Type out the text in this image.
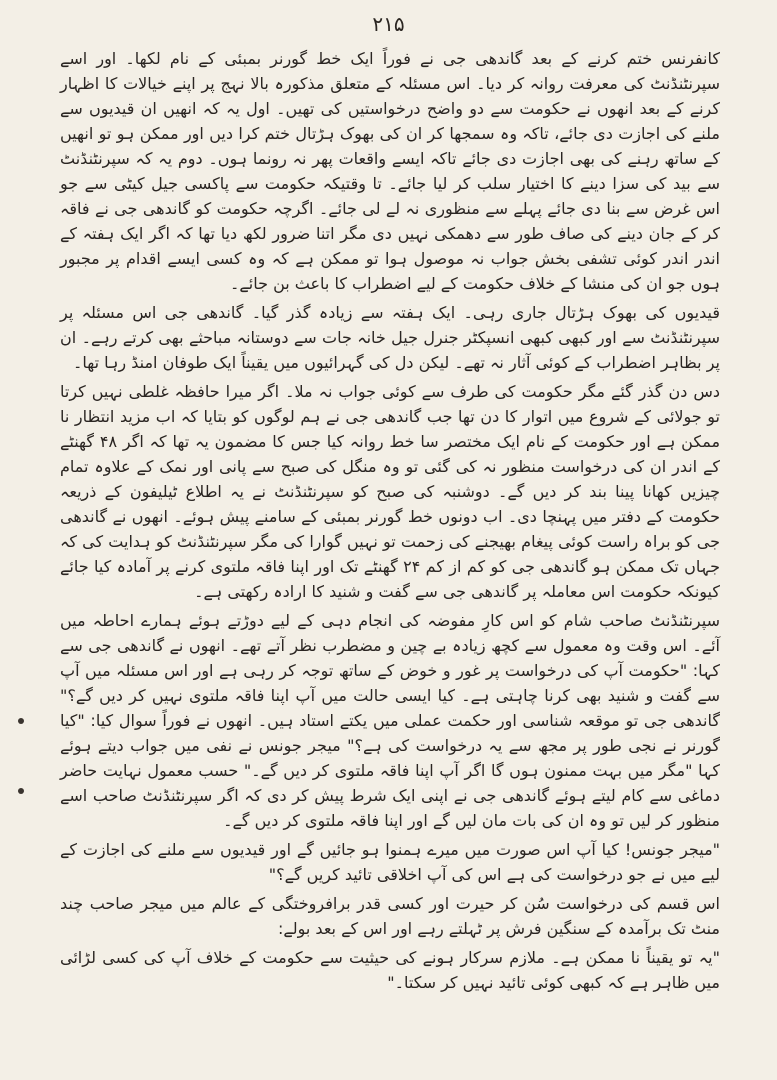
۲۱۵

کانفرنس ختم کرنے کے بعد گاندھی جی نے فوراً ایک خط گورنر بمبئی کے نام لکھا۔ اور اسے سپرنٹنڈنٹ کی معرفت روانہ کر دیا۔ اس مسئلہ کے متعلق مذکورہ بالا نہج پر اپنے خیالات کا اظہار کرنے کے بعد انھوں نے حکومت سے دو واضح درخواستیں کی تھیں۔ اول یہ کہ انھیں ان قیدیوں سے ملنے کی اجازت دی جائے، تاکہ وہ سمجھا کر ان کی بھوک ہڑتال ختم کرا دیں اور ممکن ہو تو انھیں کے ساتھ رہنے کی بھی اجازت دی جائے تاکہ ایسے واقعات پھر نہ رونما ہوں۔ دوم یہ کہ سپرنٹنڈنٹ سے بید کی سزا دینے کا اختیار سلب کر لیا جائے۔ تا وقتیکہ حکومت سے پاکسی جیل کیٹی سے جو اس غرض سے بنا دی جائے پہلے سے منظوری نہ لے لی جائے۔ اگرچہ حکومت کو گاندھی جی نے فاقہ کر کے جان دینے کی صاف طور سے دھمکی نہیں دی مگر اتنا ضرور لکھ دیا تھا کہ اگر ایک ہفتہ کے اندر اندر کوئی تشفی بخش جواب نہ موصول ہوا تو ممکن ہے کہ وہ کسی ایسے اقدام پر مجبور ہوں جو ان کی منشا کے خلاف حکومت کے لیے اضطراب کا باعث بن جائے۔

قیدیوں کی بھوک ہڑتال جاری رہی۔ ایک ہفتہ سے زیادہ گذر گیا۔ گاندھی جی اس مسئلہ پر سپرنٹنڈنٹ سے اور کبھی کبھی انسپکٹر جنرل جیل خانہ جات سے دوستانہ مباحثے بھی کرتے رہے۔ ان پر بظاہر اضطراب کے کوئی آثار نہ تھے۔ لیکن دل کی گہرائیوں میں یقیناً ایک طوفان امنڈ رہا تھا۔

دس دن گذر گئے مگر حکومت کی طرف سے کوئی جواب نہ ملا۔ اگر میرا حافظہ غلطی نہیں کرتا تو جولائی کے شروع میں اتوار کا دن تھا جب گاندھی جی نے ہم لوگوں کو بتایا کہ اب مزید انتظار نا ممکن ہے اور حکومت کے نام ایک مختصر سا خط روانہ کیا جس کا مضمون یہ تھا کہ اگر ۴۸ گھنٹے کے اندر ان کی درخواست منظور نہ کی گئی تو وہ منگل کی صبح سے پانی اور نمک کے علاوہ تمام چیزیں کھانا پینا بند کر دیں گے۔ دوشنبہ کی صبح کو سپرنٹنڈنٹ نے یہ اطلاع ٹیلیفون کے ذریعہ حکومت کے دفتر میں پہنچا دی۔ اب دونوں خط گورنر بمبئی کے سامنے پیش ہوئے۔ انھوں نے گاندھی جی کو براہ راست کوئی پیغام بھیجنے کی زحمت تو نہیں گوارا کی مگر سپرنٹنڈنٹ کو ہدایت کی کہ جہاں تک ممکن ہو گاندھی جی کو کم از کم ۲۴ گھنٹے تک اور اپنا فاقہ ملتوی کرنے پر آمادہ کیا جائے کیونکہ حکومت اس معاملہ پر گاندھی جی سے گفت و شنید کا ارادہ رکھتی ہے۔

سپرنٹنڈنٹ صاحب شام کو اس کارِ مفوضہ کی انجام دہی کے لیے دوڑتے ہوئے ہمارے احاطہ میں آئے۔ اس وقت وہ معمول سے کچھ زیادہ بے چین و مضطرب نظر آتے تھے۔ انھوں نے گاندھی جی سے کہا: "حکومت آپ کی درخواست پر غور و خوض کے ساتھ توجہ کر رہی ہے اور اس مسئلہ میں آپ سے گفت و شنید بھی کرنا چاہتی ہے۔ کیا ایسی حالت میں آپ اپنا فاقہ ملتوی نہیں کر دیں گے؟" گاندھی جی تو موقعہ شناسی اور حکمت عملی میں یکتے استاد ہیں۔ انھوں نے فوراً سوال کیا: "کیا گورنر نے نجی طور پر مجھ سے یہ درخواست کی ہے؟" میجر جونس نے نفی میں جواب دیتے ہوئے کہا "مگر میں بہت ممنون ہوں گا اگر آپ اپنا فاقہ ملتوی کر دیں گے۔" حسب معمول نہایت حاضر دماغی سے کام لیتے ہوئے گاندھی جی نے اپنی ایک شرط پیش کر دی کہ اگر سپرنٹنڈنٹ صاحب اسے منظور کر لیں تو وہ ان کی بات مان لیں گے اور اپنا فاقہ ملتوی کر دیں گے۔

"میجر جونس! کیا آپ اس صورت میں میرے ہمنوا ہو جائیں گے اور قیدیوں سے ملنے کی اجازت کے لیے میں نے جو درخواست کی ہے اس کی آپ اخلاقی تائید کریں گے؟"

اس قسم کی درخواست سُن کر حیرت اور کسی قدر برافروختگی کے عالم میں میجر صاحب چند منٹ تک برآمدہ کے سنگین فرش پر ٹہلتے رہے اور اس کے بعد بولے:

"یہ تو یقیناً نا ممکن ہے۔ ملازم سرکار ہونے کی حیثیت سے حکومت کے خلاف آپ کی کسی لڑائی میں ظاہر ہے کہ کبھی کوئی تائید نہیں کر سکتا۔"
